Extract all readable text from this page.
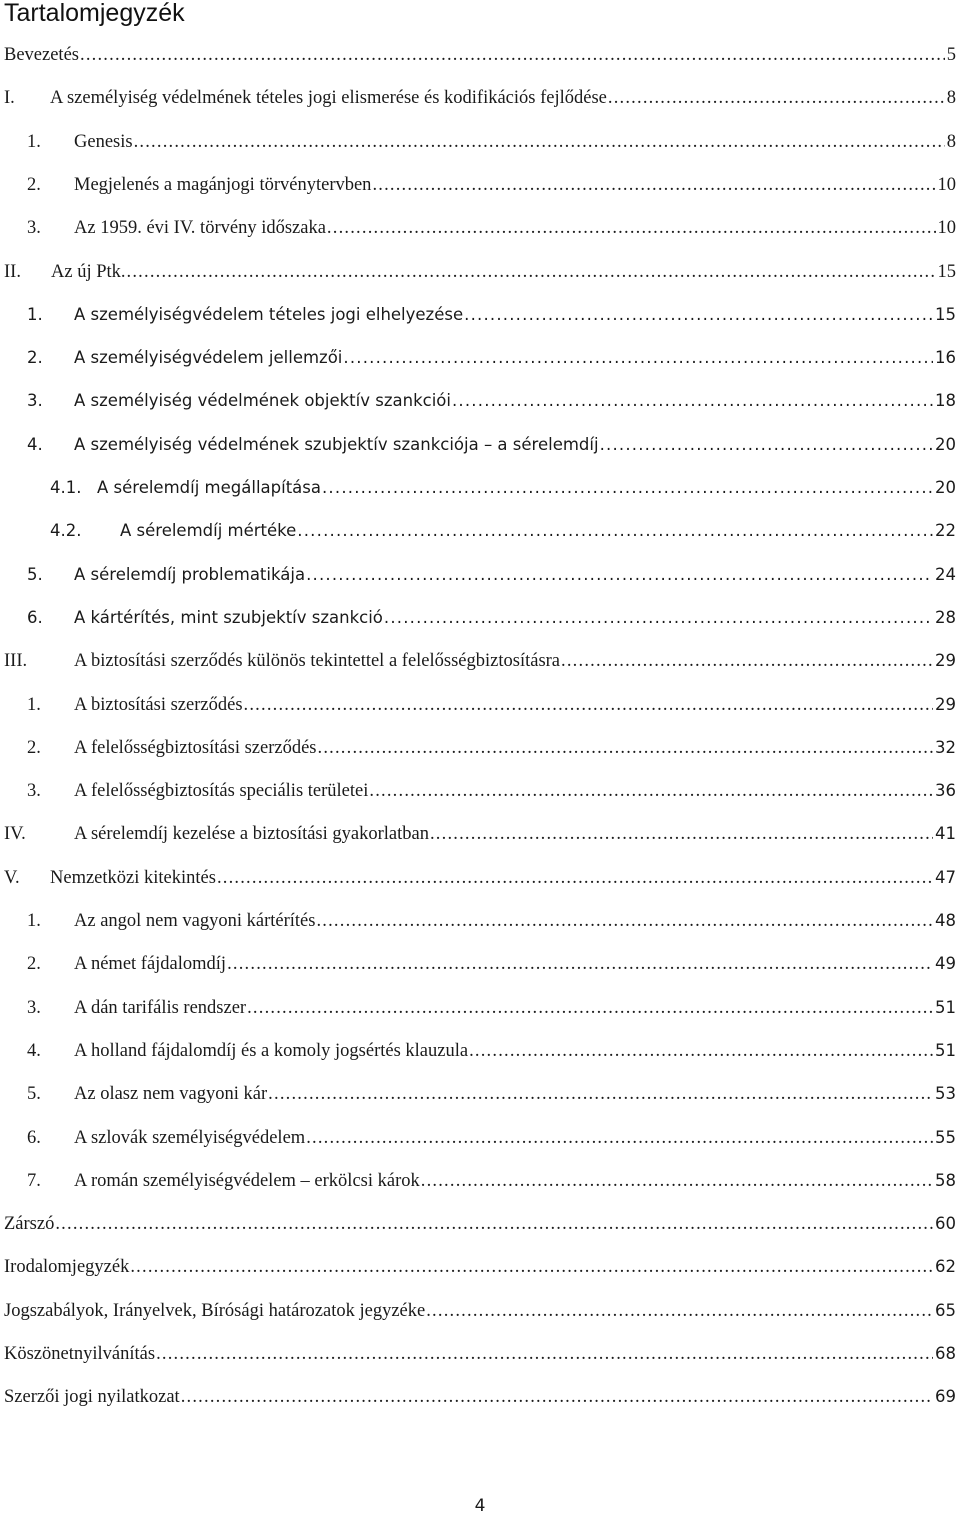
Tartalomjegyzék
Bevezetés .....	5
I.	A személyiség védelmének tételes jogi elismerése és kodifikációs fejlődése .....	8
1.	Genesis .....	8
2.	Megjelenés a magánjogi törvénytervben .....	10
3.	Az 1959. évi IV. törvény időszaka .....	10
II.	Az új Ptk. .....	15
1.	A személyiségvédelem tételes jogi elhelyezése .....	15
2.	A személyiségvédelem jellemzői .....	16
3.	A személyiség védelmének objektív szankciói .....	18
4.	A személyiség védelmének szubjektív szankciója – a sérelemdíj .....	20
4.1. A sérelemdíj megállapítása .....	20
4.2.	A sérelemdíj mértéke .....	22
5.	A sérelemdíj problematikája .....	24
6.	A kártérítés, mint szubjektív szankció .....	28
III.	A biztosítási szerződés különös tekintettel a felelősségbiztosításra .....	29
1.	A biztosítási szerződés .....	29
2.	A felelősségbiztosítási szerződés .....	32
3.	A felelősségbiztosítás speciális területei .....	36
IV.	A sérelemdíj kezelése a biztosítási gyakorlatban .....	41
V.	Nemzetközi kitekintés .....	47
1.	Az angol nem vagyoni kártérítés .....	48
2.	A német fájdalomdíj .....	49
3.	A dán tarifális rendszer .....	51
4.	A holland fájdalomdíj és a komoly jogsértés klauzula .....	51
5.	Az olasz nem vagyoni kár .....	53
6.	A szlovák személyiségvédelem .....	55
7.	A román személyiségvédelem – erkölcsi károk .....	58
Zárszó .....	60
Irodalomjegyzék .....	62
Jogszabályok, Irányelvek, Bírósági határozatok jegyzéke .....	65
Köszönetnyilvánítás .....	68
Szerzői jogi nyilatkozat .....	69
4
